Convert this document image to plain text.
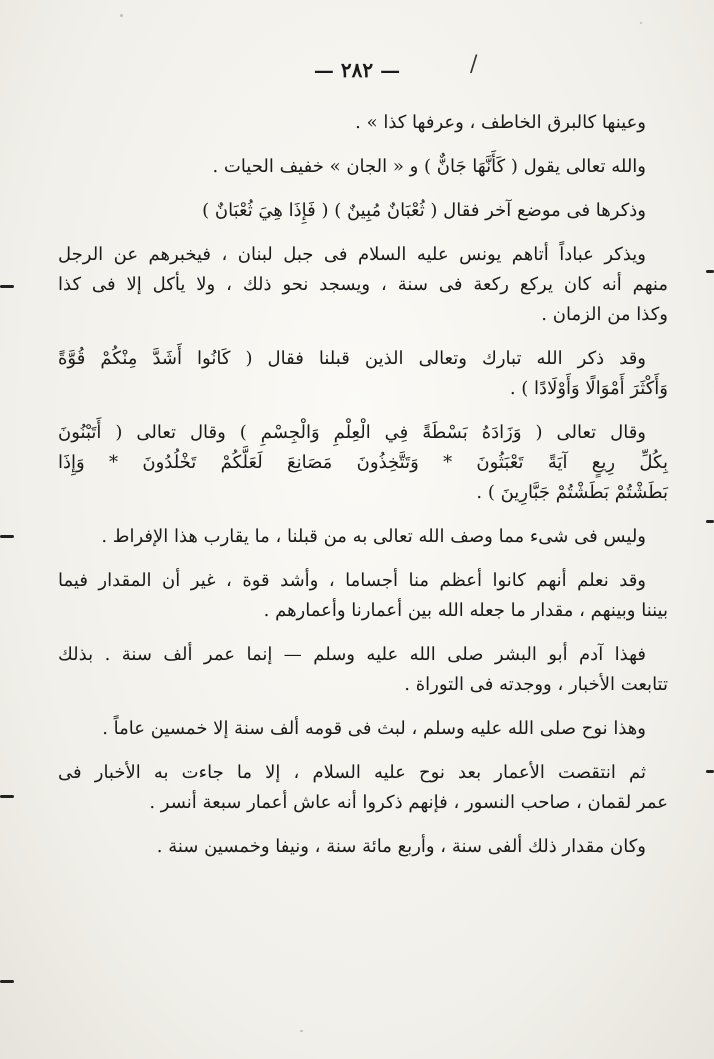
— ٢٨٢ —	/

وعينها كالبرق الخاطف ، وعرفها كذا » .

والله تعالى يقول ( كَأَنَّهَا جَانٌّ ) و « الجان » خفيف الحيات .

وذكرها فى موضع آخر فقال ( ثُعْبَانٌ مُبِينٌ ) ( فَإِذَا هِيَ ثُعْبَانٌ )

ويذكر عباداً أتاهم يونس عليه السلام فى جبل لبنان ، فيخبرهم عن الرجل
منهم أنه كان يركع ركعة فى سنة ، ويسجد نحو ذلك ، ولا يأكل إلا فى كذا
وكذا من الزمان .

وقد ذكر الله تبارك وتعالى الذين قبلنا فقال ( كَانُوا أَشَدَّ مِنْكُمْ قُوَّةً
وَأَكْثَرَ أَمْوَالًا وَأَوْلَادًا ) .

وقال تعالى ( وَزَادَهُ بَسْطَةً فِي الْعِلْمِ وَالْجِسْمِ ) وقال تعالى ( أَتَبْنُونَ
بِكُلِّ رِيعٍ آيَةً تَعْبَثُونَ * وَتَتَّخِذُونَ مَصَانِعَ لَعَلَّكُمْ تَخْلُدُونَ * وَإِذَا
بَطَشْتُمْ بَطَشْتُمْ جَبَّارِينَ ) .

وليس فى شىء مما وصف الله تعالى به من قبلنا ، ما يقارب هذا الإفراط .

وقد نعلم أنهم كانوا أعظم منا أجساما ، وأشد قوة ، غير أن المقدار فيما
بيننا وبينهم ، مقدار ما جعله الله بين أعمارنا وأعمارهم .

فهذا آدم أبو البشر صلى الله عليه وسلم — إنما عمر ألف سنة . بذلك
تتابعت الأخبار ، ووجدته فى التوراة .

وهذا نوح صلى الله عليه وسلم ، لبث فى قومه ألف سنة إلا خمسين عاماً .

ثم انتقصت الأعمار بعد نوح عليه السلام ، إلا ما جاءت به الأخبار فى
عمر لقمان ، صاحب النسور ، فإنهم ذكروا أنه عاش أعمار سبعة أنسر .

وكان مقدار ذلك ألفى سنة ، وأربع مائة سنة ، ونيفا وخمسين سنة .
